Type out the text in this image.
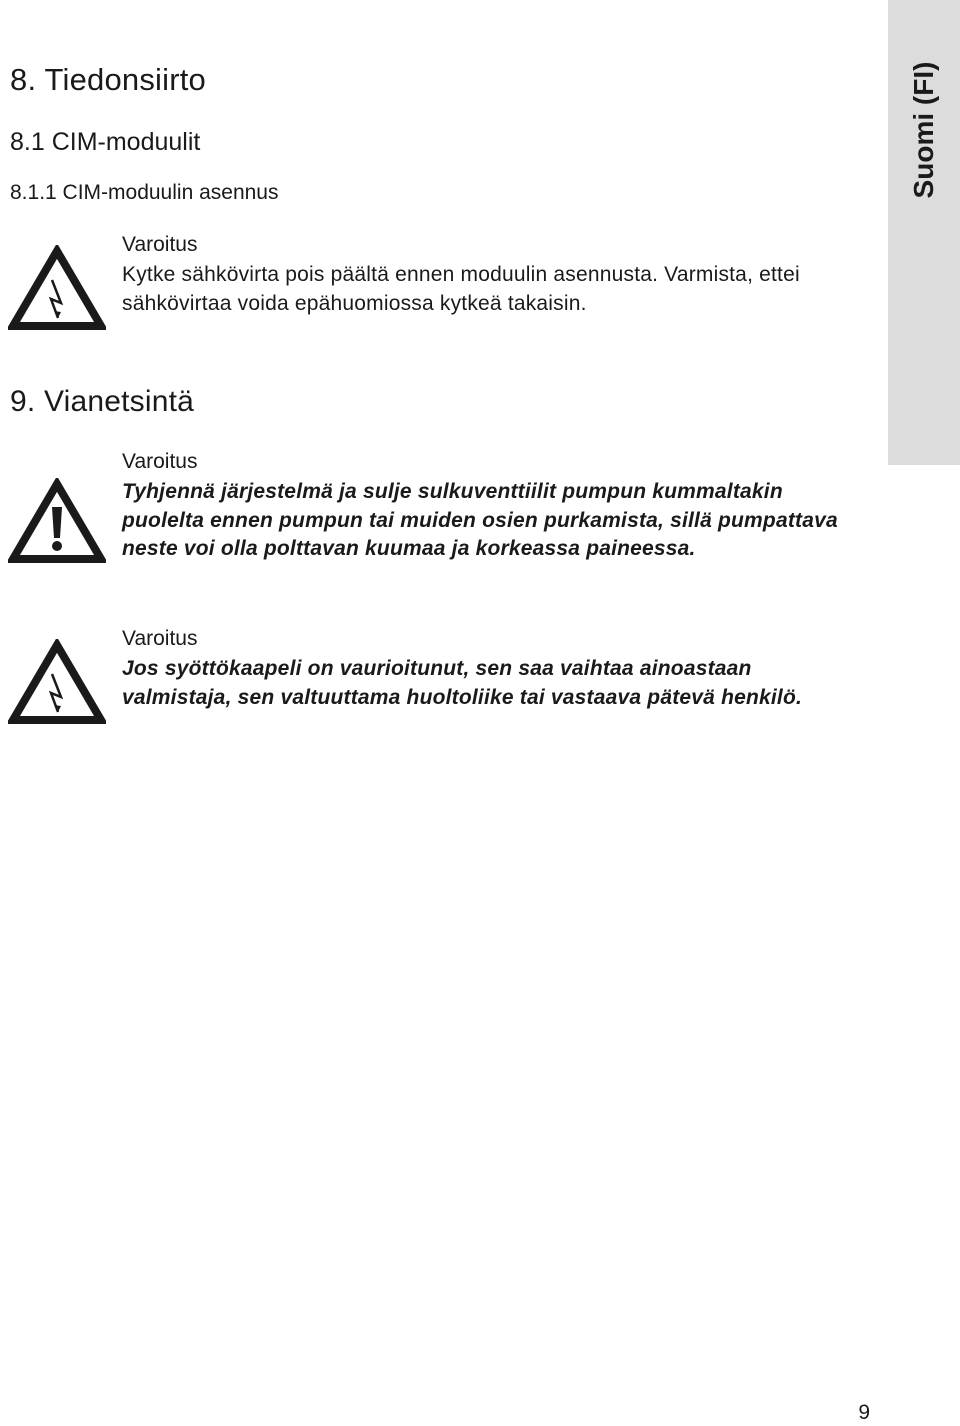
Suomi (FI)
8. Tiedonsiirto
8.1 CIM-moduulit
8.1.1 CIM-moduulin asennus

Varoitus

Kytke sähkövirta pois päältä ennen moduulin asennusta. Varmista, ettei sähkövirtaa voida epähuomiossa kytkeä takaisin.

9. Vianetsintä

Varoitus

Tyhjennä järjestelmä ja sulje sulkuventtiilit pumpun kummaltakin puolelta ennen pumpun tai muiden osien purkamista, sillä pumpattava neste voi olla polttavan kuumaa ja korkeassa paineessa.

Varoitus

Jos syöttökaapeli on vaurioitunut, sen saa vaihtaa ainoastaan valmistaja, sen valtuuttama huoltoliike tai vastaava pätevä henkilö.

9
